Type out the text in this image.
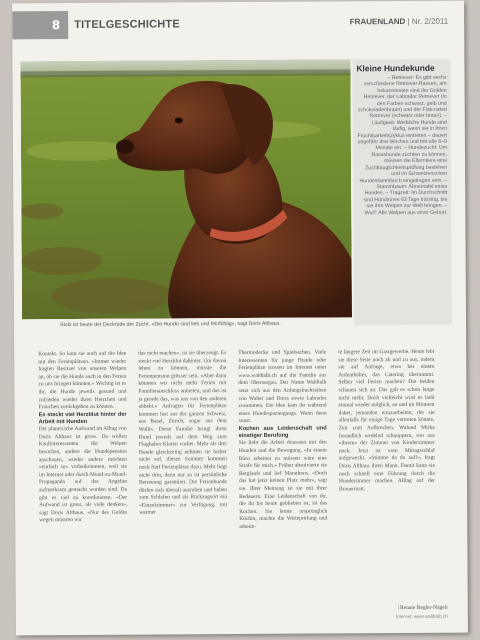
8 TITELGESCHICHTE	FRAUENLAND | Nr. 2/2011
Stolz ist heute der Deckrüde der Zucht. «Die Hunde sind lieb und feinfühlig», sagt Doris Althaus.
Kleine Hundekunde
– Retriever: Es gibt sechs verschiedene Retriever-Rassen, am bekanntesten sind der Golden Retriever, der Labrador Retriever (in den Farben schwarz, gelb und schokoladenbraun) und der Flatcoated Retriever (schwarz oder braun). – Läufigkeit: Weibliche Hunde sind läufig, wenn sie in ihren Fruchtbarkeitszyklus eintreten – dauert ungefähr drei Wochen und tritt alle 6–9 Monate ein. – Hundezucht: Um Rassehunde züchten zu können, müssen die Elterntiere eine Zuchttauglichkeitsprüfung bestehen und im Schweizerischen Hundestammbuch eingetragen sein. – Stammbaum: Ahnentafel eines Hundes. – Tragzeit: Im Durchschnitt sind Hündinnen 63 Tage trächtig, bis sie ihre Welpen zur Welt bringen. – Wurf: Alle Welpen aus einer Geburt.

Kontakt. So kam sie auch auf die Idee mit den Ferienplätzen. «Immer wieder fragten Besitzer von unseren Welpen an, ob sie die Hunde auch in den Ferien zu uns bringen könnten.» Wichtig ist es ihr, die Hunde jeweils gesund und zufrieden wieder ihren Herrchen und Frauchen zurückgeben zu können.

Es steckt viel Herzblut hinter der Arbeit mit Hunden

Der planerische Aufwand im Alltag von Doris Althaus ist gross. Da wollen Kaufinteressenten die Welpen besuchen, andere die Hundepension anschauen, wieder andere möchten «einfach so» vorbeikommen, weil sie im Internet oder durch Mund-zu-Mund-Propaganda auf das Angebot aufmerksam gemacht worden sind. Da gibt es viel zu koordinieren. «Der Aufwand ist gross, als viele denken», sagt Doris Althaus. «Nur des Geldes wegen müssten wir

das nicht machen», ist sie überzeugt. Es steckt viel Herzblut dahinter. Um davon leben zu können, müsste die Ferienpension grösser sein. «Aber dann könnten wir nicht mehr Ferien mit Familienanschluss anbieten, und das ist ja gerade das, was uns von den anderen abhebt.» Anfragen für Ferienplätze kommen fast aus der ganzen Schweiz, aus Basel, Zürich, sogar aus dem Wallis. Diese Familie bringt ihren Hund jeweils auf dem Weg zum Flughafen Kloten vorbei. Mehr als drei Hunde gleichzeitig nehmen sie bisher nicht auf, diesen Sommer kommen noch fünf Ferienplätze dazu. Mehr liegt nicht drin, denn nur so ist persönliche Betreuung garantiert. Die Ferienhunde dürfen sich überall ausruhen und haben zum Schlafen und als Rückzugsort ein «Einzelzimmer» zur Verfügung, mit warmer

Thermodecke und Spielsachen. Viele Interessenten für junge Hunde oder Ferienplätze stossen im Internet unter www.waldtalb.ch auf die Familie aus dem Oberaargau. Der Name Waldtalb setzt sich aus den Anfangsbuchstaben von Walter und Doris sowie Labrador zusammen. Die Idee kam ihr während eines Hundespaziergangs. Wann denn sonst.

Kochen aus Leidenschaft und einstiger Berufung

Sie liebt die Arbeit draussen mit den Hunden und die Bewegung. «In einem Büro arbeiten zu müssen wäre eine Strafe für mich.» Früher absolvierte sie Berglaufs und lief Marathons. «Doch das hat jetzt keinen Platz mehr», sagt sie. Ihrer Meinung ist sie mit ihrer Bedauern. Eine Leidenschaft von ihr, die ihr bis heute geblieben ist, ist das Kochen. Sie lernte ursprünglich Köchin, machte die Wirteprüfung und arbeite-

te längere Zeit im Gastgewerbe. Heute lebt sie diese Seite noch ab und zu aus, indem sie auf Anfrage, etwa bei einem Aufenthalter, das Catering übernimmt. Selber viel Ferien machen? Die beiden schauen sich an. Das gab es schon lange nicht mehr. Doch vielleicht wird es bald einmal wieder möglich, an und im Moment dabei, jemanden einzuarbeiten, der sie allenfalls für einige Tage vertreten könnte. Zeit zum Aufbrechen. Walund Mirka freundlich wedelnd schnuppern, wer aus «ihrem» der Zimmer von Kinderzimmer noch. Jetzt ist vom Mittagsschlaf aufgeweckt. «Stimme da du auf!», fragt Doris Althaus ihren Mann. Damit kann sie noch schnell eine Führung durch die Hundezimmer machen. Alltag auf der Brauermatt.

| Renate Begler-Nägeli
Internet: www.waldtalb.ch
